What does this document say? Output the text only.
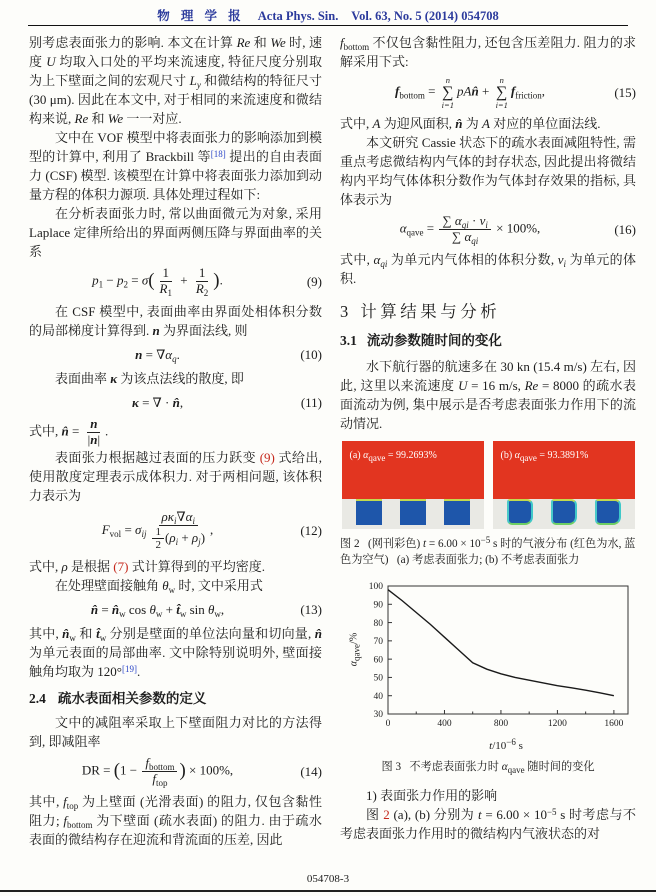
物 理 学 报 Acta Phys. Sin. Vol. 63, No. 5 (2014) 054708

别考虑表面张力的影响. 本文在计算 Re 和 We 时, 速度 U 均取入口处的平均来流速度, 特征尺度分别取为上下壁面之间的宏观尺寸 $L_y$ 和微结构的特征尺寸 (30 μm). 因此在本文中, 对于相同的来流速度和微结构来说, Re 和 We 一一对应.

文中在 VOF 模型中将表面张力的影响添加到模型的计算中, 利用了 Brackbill 等[18] 提出的自由表面力 (CSF) 模型. 该模型在计算中将表面张力添加到动量方程的体积力源项. 具体处理过程如下:

在分析表面张力时, 常以曲面微元为对象, 采用 Laplace 定律所给出的界面两侧压降与界面曲率的关系

$p_1 - p_2 = \sigma( \frac{1}{R_1} + \frac{1}{R_2}$ ).	(9)

在 CSF 模型中, 表面曲率由界面处相体积分数的局部梯度计算得到. n 为界面法线, 则

$n = \nabla\alpha_q$.	(10)

表面曲率 κ 为该点法线的散度, 即

κ = ∇ · n̂,	(11)

式中, n̂ = $\frac{n}{|n|}$ .

表面张力根据越过表面的压力跃变 (9) 式给出, 使用散度定理表示成体积力. 对于两相问题, 该体积力表示为

$F_{vol} = \sigma_{ij} \frac{\rho\kappa_i\nabla\alpha_i}{\frac{1}{2} (\rho_i + \rho_j)}$ ,	(12)

式中, ρ 是根据 (7) 式计算得到的平均密度.

在处理壁面接触角 $\theta_w$ 时, 文中采用式

n̂ = $n̂_w$ $\cos \theta_w$ + $t̂_w$ $\sin \theta_w$,	(13)

其中, $n̂_w$ 和 $t̂_w$ 分别是壁面的单位法向量和切向量, n̂ 为单元表面的局部曲率. 文中除特别说明外, 壁面接触角均取为 120°[19].

2.4 疏水表面相关参数的定义

文中的减阻率采取上下壁面阻力对比的方法得到, 即减阻率

DR = ($1 - \frac{f_{bottom}}{f_{top}}$ ) × 100%,	(14)

其中, $f_{top}$ 为上壁面 (光滑表面) 的阻力, 仅包含黏性阻力; $f_{bottom}$ 为下壁面 (疏水表面) 的阻力. 由于疏水表面的微结构存在迎流和背流面的压差, 因此

$f_{bottom}$ 不仅包含黏性阻力, 还包含压差阻力. 阻力的求解采用下式:

$f_{bottom}$ =
n
∑
i=1
pAn̂ +
n
∑
i=1
$f_{friction}$,	(15)

式中, A 为迎风面积, n̂ 为 A 对应的单位面法线.

本文研究 Cassie 状态下的疏水表面减阻特性, 需重点考虑微结构内气体的封存状态, 因此提出将微结构内平均气体体积分数作为气体封存效果的指标, 具体表示为

$\alpha_{qave} = \frac{\sum \alpha_{qi} \cdot v_i}{\sum \alpha_{qi}} \times 100\%$,	(16)

式中, $\alpha_{qi}$ 为单元内气体相的体积分数, $v_i$ 为单元的体积.

3 计算结果与分析
3.1 流动参数随时间的变化

水下航行器的航速多在 30 kn (15.4 m/s) 左右, 因此, 这里以来流速度 U = 16 m/s, Re = 8000 的疏水表面流动为例, 集中展示是否考虑表面张力作用下的流动情况.

(a) $\alpha_{qave} = 99.2693\%$	(b) $\alpha_{qave} = 93.3891\%$
图 2   (网刊彩色) $t = 6.00 \times 10^{-5}$ s 时的气液分布 (红色为水, 蓝色为空气)   (a) 考虑表面张力; (b) 不考虑表面张力
$\alpha_{qave}/\%$
0	400	800	1200	1600
30
40
50
60
70
80
90
100
$t/10^{-6}$ s
图 3   不考虑表面张力时 $\alpha_{qave}$ 随时间的变化

1) 表面张力作用的影响

图 2 (a), (b) 分别为 $t = 6.00 \times 10^{-5}$ s 时考虑与不考虑表面张力作用时的微结构内气液状态的对

054708-3
